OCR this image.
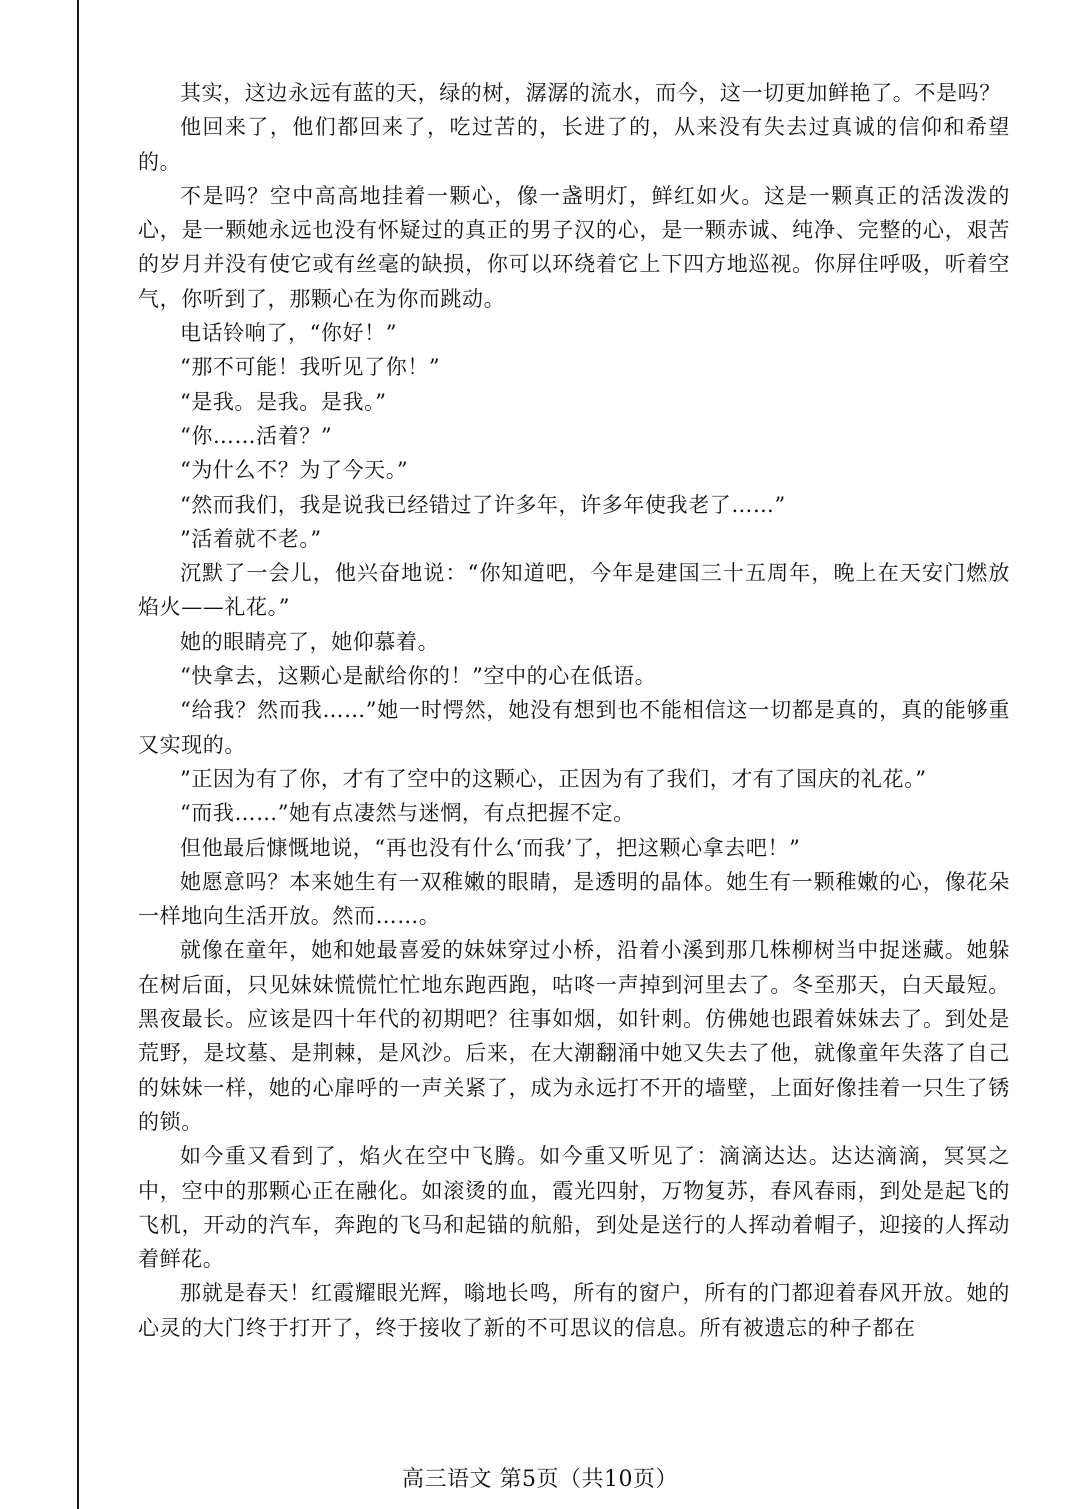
其实，这边永远有蓝的天，绿的树，潺潺的流水，而今，这一切更加鲜艳了。不是吗？

他回来了，他们都回来了，吃过苦的，长进了的，从来没有失去过真诚的信仰和希望的。

不是吗？空中高高地挂着一颗心，像一盏明灯，鲜红如火。这是一颗真正的活泼泼的心，是一颗她永远也没有怀疑过的真正的男子汉的心，是一颗赤诚、纯净、完整的心，艰苦的岁月并没有使它或有丝毫的缺损，你可以环绕着它上下四方地巡视。你屏住呼吸，听着空气，你听到了，那颗心在为你而跳动。

电话铃响了，“你好！”

“那不可能！我听见了你！”

“是我。是我。是我。”

“你……活着？”

“为什么不？为了今天。”

“然而我们，我是说我已经错过了许多年，许多年使我老了……”

”活着就不老。”

沉默了一会儿，他兴奋地说：“你知道吧，今年是建国三十五周年，晚上在天安门燃放焰火——礼花。”

她的眼睛亮了，她仰慕着。

“快拿去，这颗心是献给你的！”空中的心在低语。

“给我？然而我……”她一时愕然，她没有想到也不能相信这一切都是真的，真的能够重又实现的。

”正因为有了你，才有了空中的这颗心，正因为有了我们，才有了国庆的礼花。”

“而我……”她有点凄然与迷惘，有点把握不定。

但他最后慷慨地说，“再也没有什么‘而我’了，把这颗心拿去吧！”

她愿意吗？本来她生有一双稚嫩的眼睛，是透明的晶体。她生有一颗稚嫩的心，像花朵一样地向生活开放。然而……。

就像在童年，她和她最喜爱的妹妹穿过小桥，沿着小溪到那几株柳树当中捉迷藏。她躲在树后面，只见妹妹慌慌忙忙地东跑西跑，咕咚一声掉到河里去了。冬至那天，白天最短。黑夜最长。应该是四十年代的初期吧？往事如烟，如针刺。仿佛她也跟着妹妹去了。到处是荒野，是坟墓、是荆棘，是风沙。后来，在大潮翻涌中她又失去了他，就像童年失落了自己的妹妹一样，她的心扉呼的一声关紧了，成为永远打不开的墙壁，上面好像挂着一只生了锈的锁。

如今重又看到了，焰火在空中飞腾。如今重又听见了：滴滴达达。达达滴滴，冥冥之中，空中的那颗心正在融化。如滚烫的血，霞光四射，万物复苏，春风春雨，到处是起飞的飞机，开动的汽车，奔跑的飞马和起锚的航船，到处是送行的人挥动着帽子，迎接的人挥动着鲜花。

那就是春天！红霞耀眼光辉，嗡地长鸣，所有的窗户，所有的门都迎着春风开放。她的心灵的大门终于打开了，终于接收了新的不可思议的信息。所有被遗忘的种子都在

高三语文 第5页（共10页）
